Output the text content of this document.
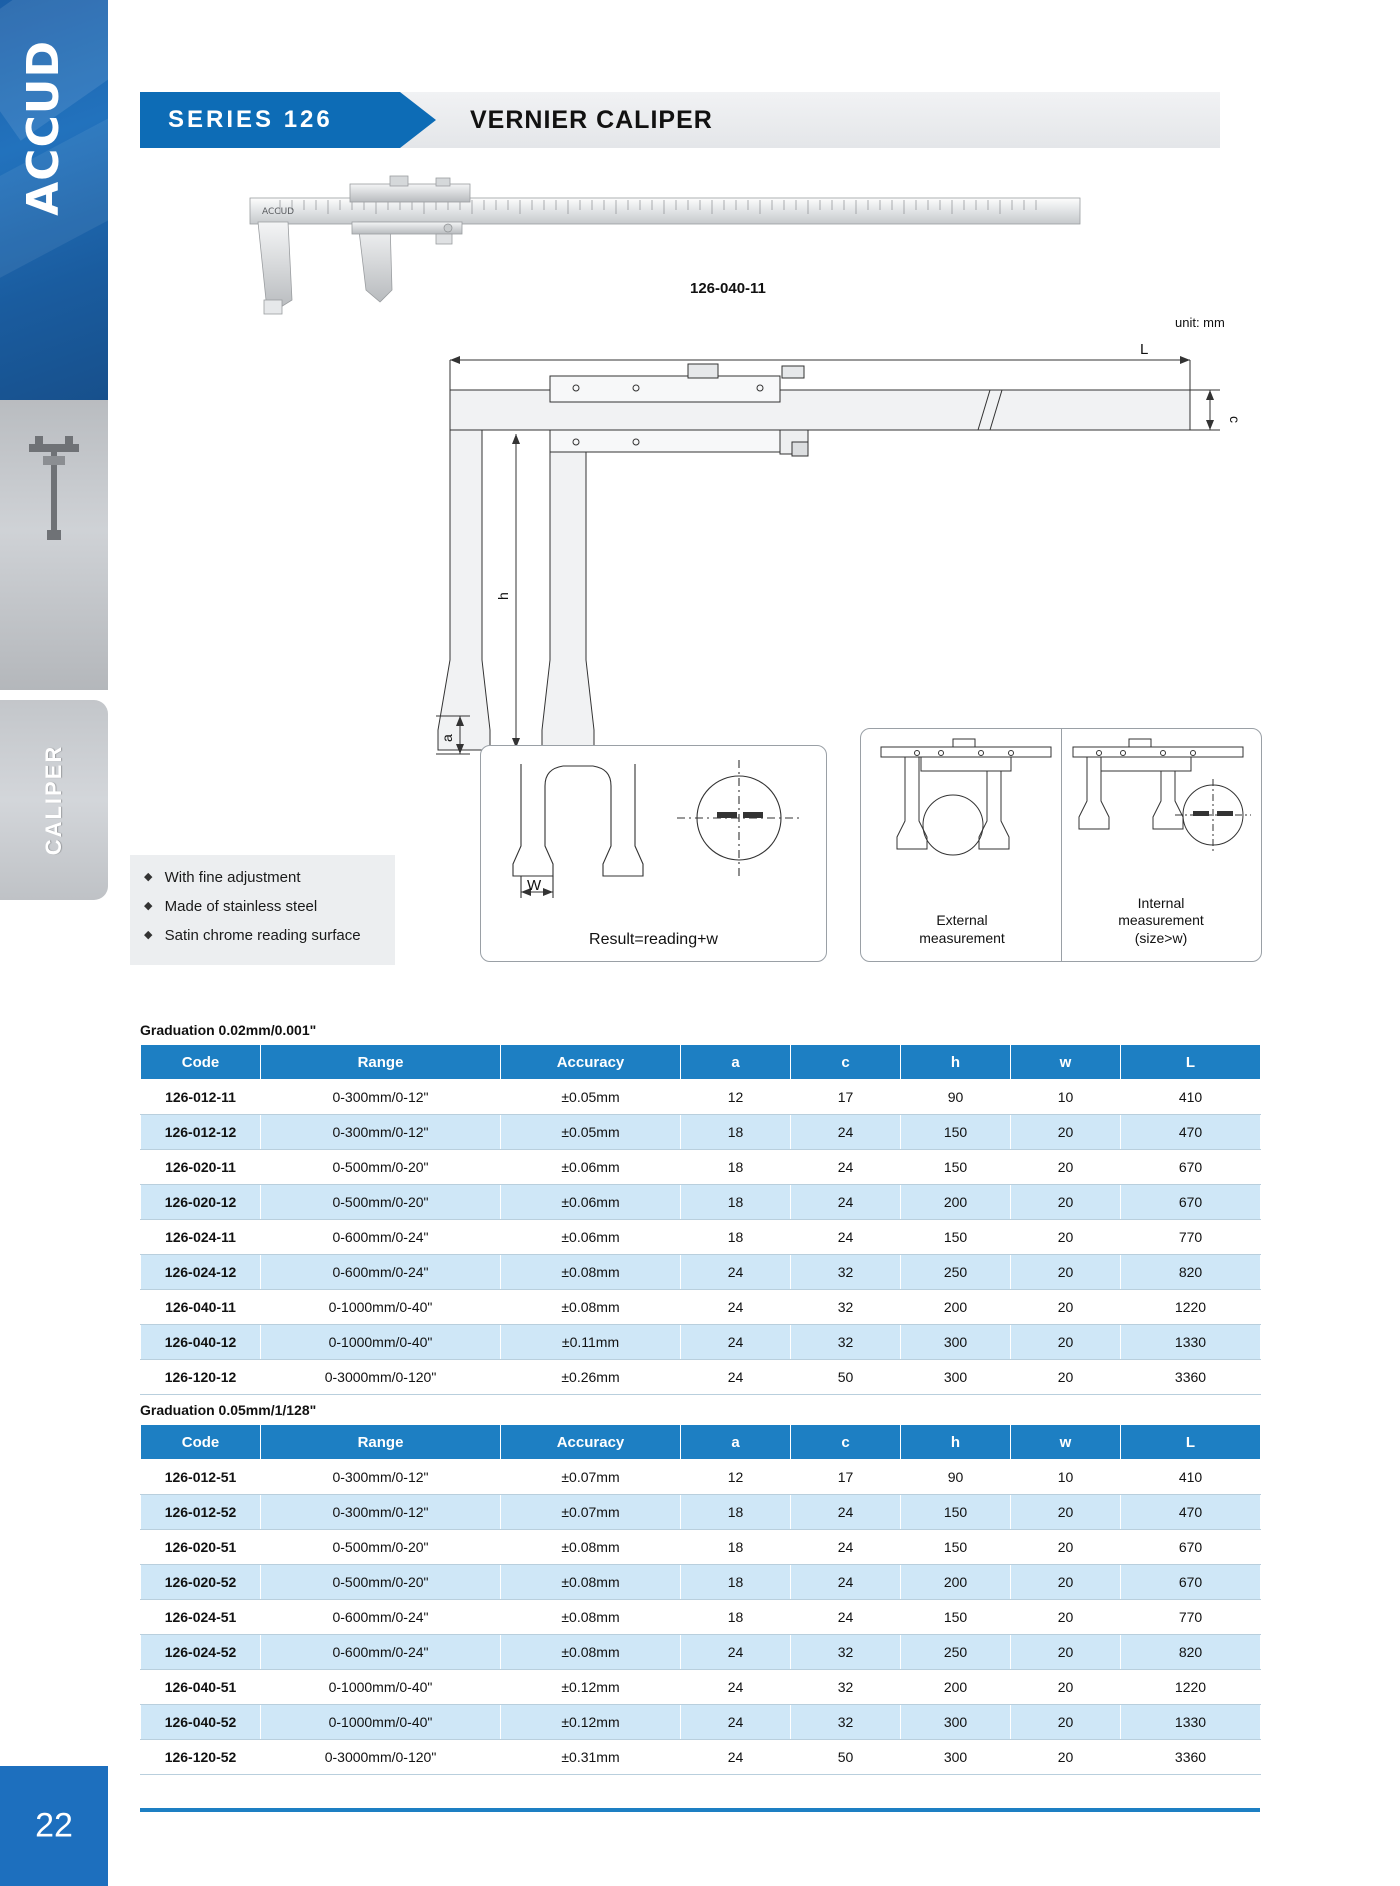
ACCUD
CALIPER
22
SERIES 126	VERNIER CALIPER
ACCUD
126-040-11
unit: mm
L
c
h
a
◆ With fine adjustment
◆ Made of stainless steel
◆ Satin chrome reading surface
W
Result=reading+w
External
measurement
Internal
measurement
(size>w)
Graduation 0.02mm/0.001"
Code	Range	Accuracy	a	c	h	w	L
126-012-11	0-300mm/0-12"	±0.05mm	12	17	90	10	410
126-012-12	0-300mm/0-12"	±0.05mm	18	24	150	20	470
126-020-11	0-500mm/0-20"	±0.06mm	18	24	150	20	670
126-020-12	0-500mm/0-20"	±0.06mm	18	24	200	20	670
126-024-11	0-600mm/0-24"	±0.06mm	18	24	150	20	770
126-024-12	0-600mm/0-24"	±0.08mm	24	32	250	20	820
126-040-11	0-1000mm/0-40"	±0.08mm	24	32	200	20	1220
126-040-12	0-1000mm/0-40"	±0.11mm	24	32	300	20	1330
126-120-12	0-3000mm/0-120"	±0.26mm	24	50	300	20	3360
Graduation 0.05mm/1/128"
Code	Range	Accuracy	a	c	h	w	L
126-012-51	0-300mm/0-12"	±0.07mm	12	17	90	10	410
126-012-52	0-300mm/0-12"	±0.07mm	18	24	150	20	470
126-020-51	0-500mm/0-20"	±0.08mm	18	24	150	20	670
126-020-52	0-500mm/0-20"	±0.08mm	18	24	200	20	670
126-024-51	0-600mm/0-24"	±0.08mm	18	24	150	20	770
126-024-52	0-600mm/0-24"	±0.08mm	24	32	250	20	820
126-040-51	0-1000mm/0-40"	±0.12mm	24	32	200	20	1220
126-040-52	0-1000mm/0-40"	±0.12mm	24	32	300	20	1330
126-120-52	0-3000mm/0-120"	±0.31mm	24	50	300	20	3360
